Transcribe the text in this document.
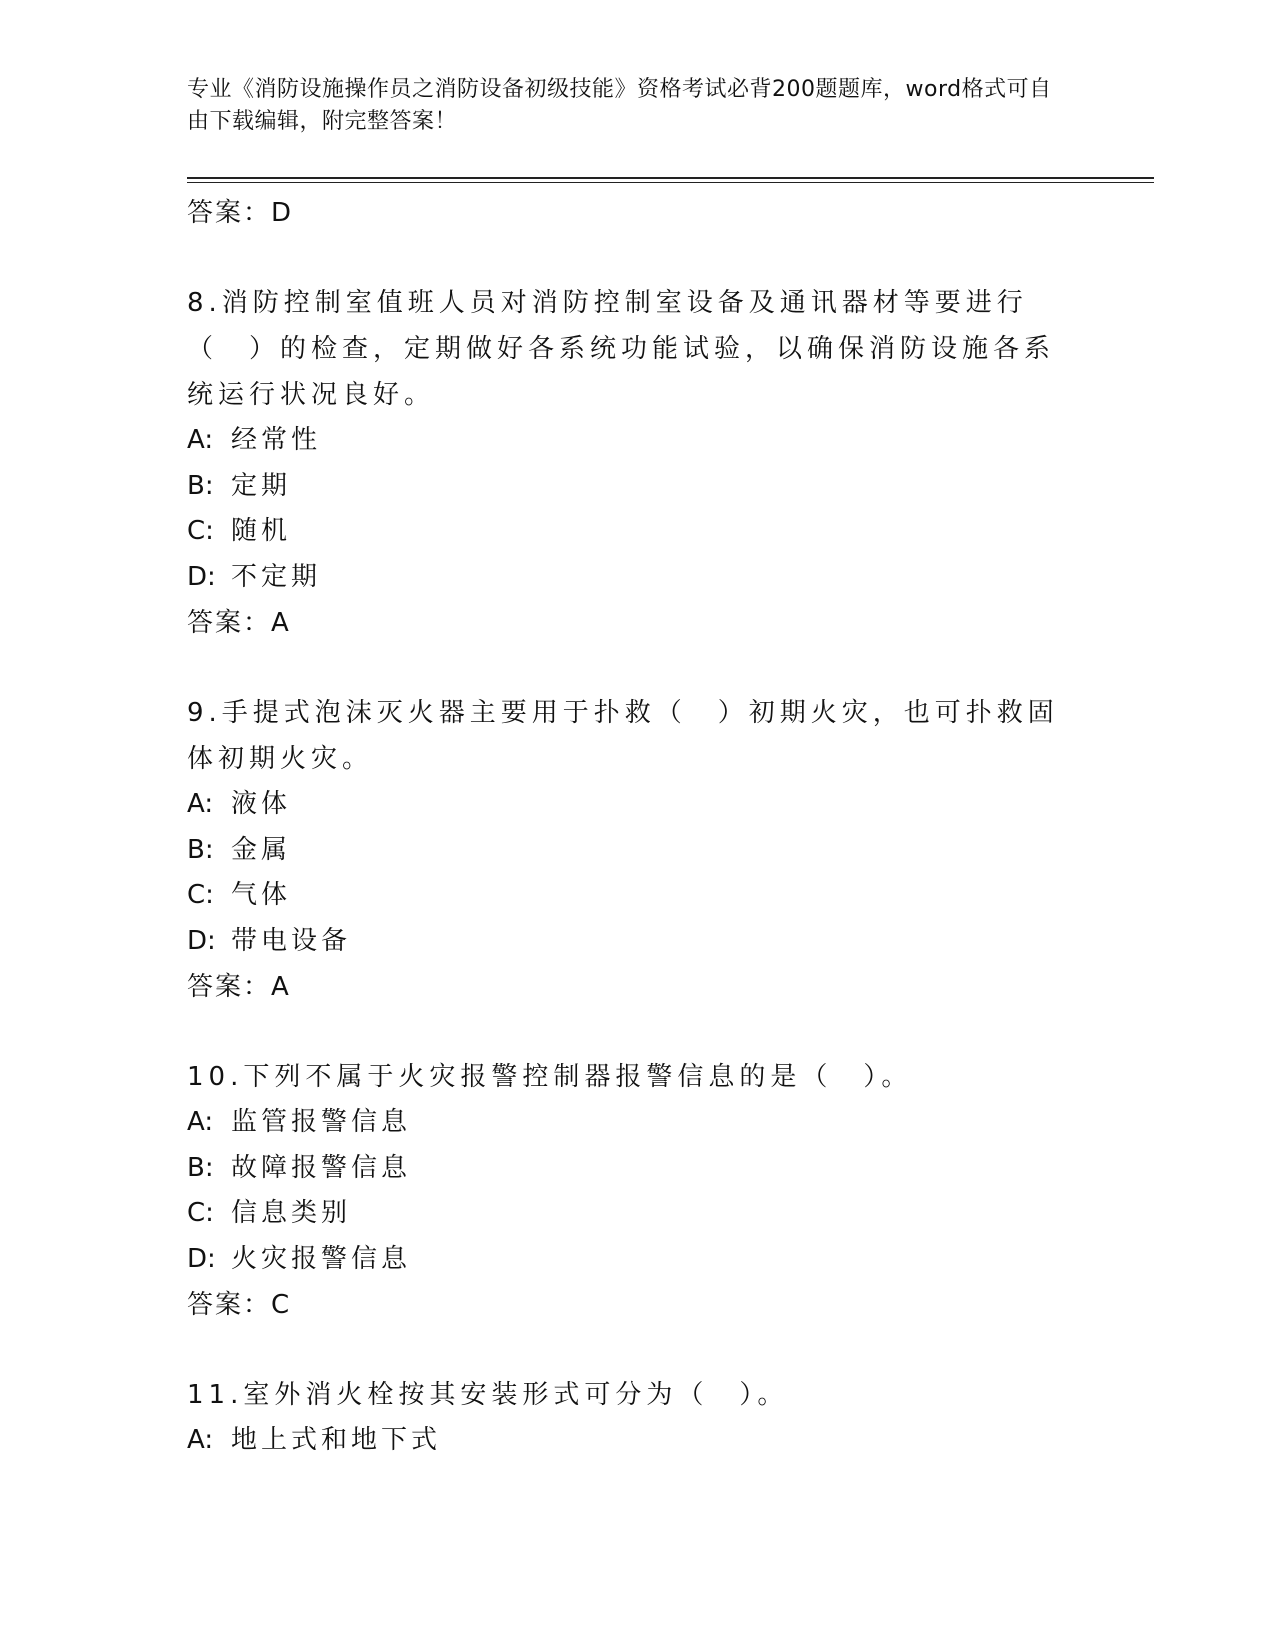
专业《消防设施操作员之消防设备初级技能》资格考试必背200题题库，word格式可自由下载编辑，附完整答案！
答案：D
8.消防控制室值班人员对消防控制室设备及通讯器材等要进行（　）的检查，定期做好各系统功能试验，以确保消防设施各系统运行状况良好。
A: 经常性
B: 定期
C: 随机
D: 不定期
答案：A
9.手提式泡沫灭火器主要用于扑救（　）初期火灾，也可扑救固体初期火灾。
A: 液体
B: 金属
C: 气体
D: 带电设备
答案：A
10.下列不属于火灾报警控制器报警信息的是（　）。
A: 监管报警信息
B: 故障报警信息
C: 信息类别
D: 火灾报警信息
答案：C
11.室外消火栓按其安装形式可分为（　）。
A: 地上式和地下式
